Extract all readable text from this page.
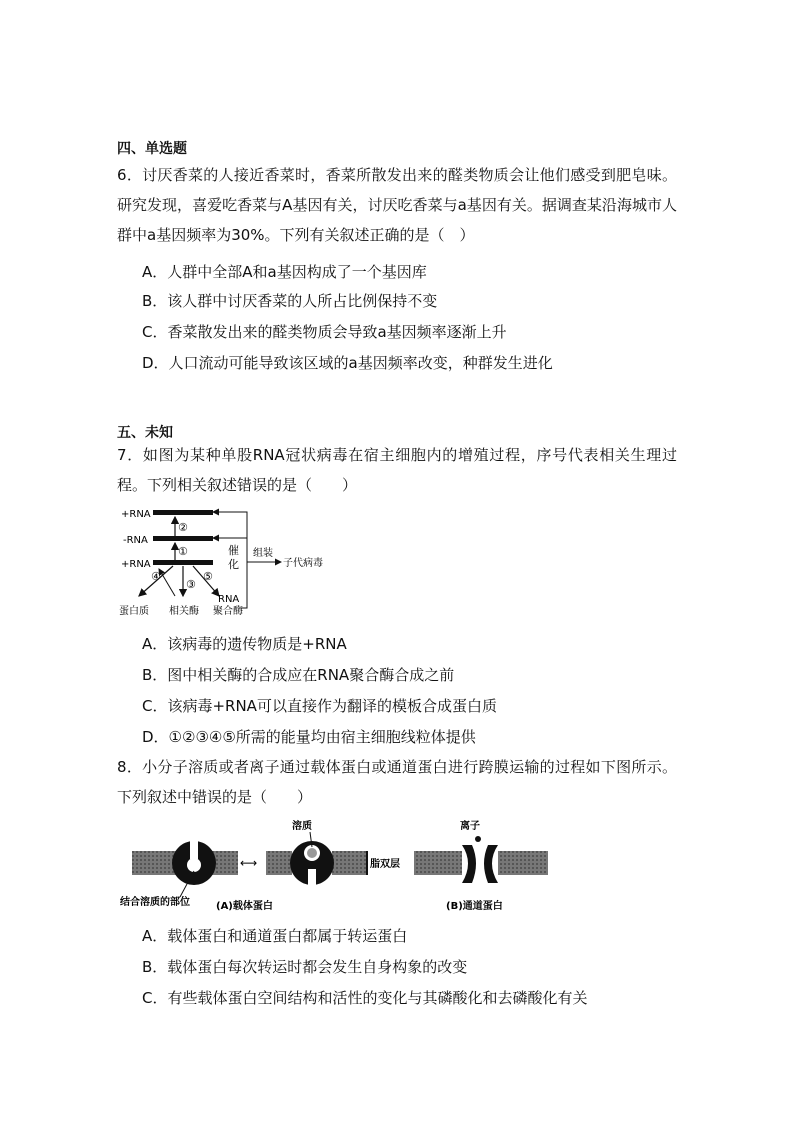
四、单选题
6．讨厌香菜的人接近香菜时，香菜所散发出来的醛类物质会让他们感受到肥皂味。研究发现，喜爱吃香菜与A基因有关，讨厌吃香菜与a基因有关。据调查某沿海城市人群中a基因频率为30%。下列有关叙述正确的是（　）
A．人群中全部A和a基因构成了一个基因库
B．该人群中讨厌香菜的人所占比例保持不变
C．香菜散发出来的醛类物质会导致a基因频率逐渐上升
D．人口流动可能导致该区域的a基因频率改变，种群发生进化
五、未知
7．如图为某种单股RNA冠状病毒在宿主细胞内的增殖过程，序号代表相关生理过程。下列相关叙述错误的是（　　）
+RNA
-RNA
+RNA
②
①
④
③
⑤
蛋白质 相关酶
RNA
聚合酶
催
化
组装
子代病毒
A．该病毒的遗传物质是+RNA
B．图中相关酶的合成应在RNA聚合酶合成之前
C．该病毒+RNA可以直接作为翻译的模板合成蛋白质
D．①②③④⑤所需的能量均由宿主细胞线粒体提供
8．小分子溶质或者离子通过载体蛋白或通道蛋白进行跨膜运输的过程如下图所示。下列叙述中错误的是（　　）
⟷
溶质
脂双层
离子
结合溶质的部位	(A)载体蛋白	(B)通道蛋白
A．载体蛋白和通道蛋白都属于转运蛋白
B．载体蛋白每次转运时都会发生自身构象的改变
C．有些载体蛋白空间结构和活性的变化与其磷酸化和去磷酸化有关
